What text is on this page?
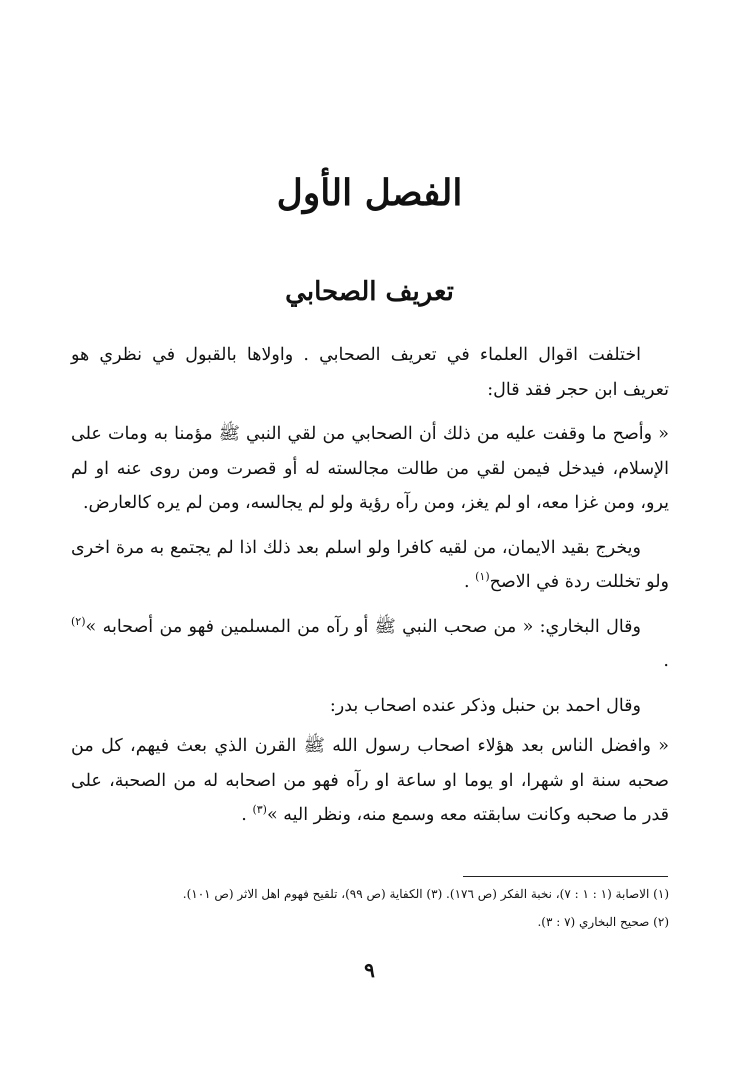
الفصل الأول
تعريف الصحابي

اختلفت اقوال العلماء في تعريف الصحابي . واولاها بالقبول في نظري هو تعريف ابن حجر فقد قال:

« وأصح ما وقفت عليه من ذلك أن الصحابي من لقي النبي ﷺ مؤمنا به ومات على الإسلام، فيدخل فيمن لقي من طالت مجالسته له أو قصرت ومن روى عنه او لم يرو، ومن غزا معه، او لم يغز، ومن رآه رؤية ولو لم يجالسه، ومن لم يره كالعارض.

ويخرج بقيد الايمان، من لقيه كافرا ولو اسلم بعد ذلك اذا لم يجتمع به مرة اخرى ولو تخللت ردة في الاصح$^{(١)}$ .

وقال البخاري: « من صحب النبي ﷺ أو رآه من المسلمين فهو من أصحابه »$^{(٢)}$ .

وقال احمد بن حنبل وذكر عنده اصحاب بدر:

« وافضل الناس بعد هؤلاء اصحاب رسول الله ﷺ القرن الذي بعث فيهم، كل من صحبه سنة او شهرا، او يوما او ساعة او رآه فهو من اصحابه له من الصحبة، على قدر ما صحبه وكانت سابقته معه وسمع منه، ونظر اليه »$^{(٣)}$ .

(١) الاصابة (١ : ١ : ٧)، نخبة الفكر (ص ١٧٦). (٣) الكفاية (ص ٩٩)، تلقيح فهوم اهل الاثر (ص ١٠١).

(٢) صحيح البخاري (٧ : ٣).

٩
